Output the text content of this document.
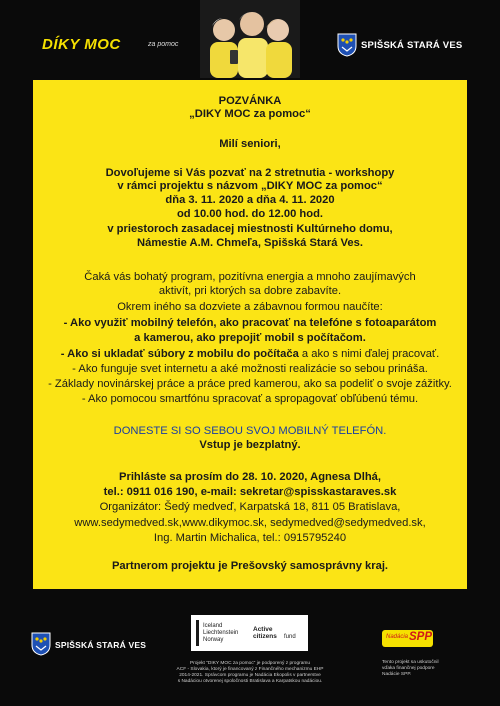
DÍKY MOC	za pomoc	SPIŠSKÁ STARÁ VES
POZVÁNKA
„DIKY MOC za pomoc“
Milí seniori,
Dovoľujeme si Vás pozvať na 2 stretnutia - workshopy
v rámci projektu s názvom „DIKY MOC za pomoc“
dňa 3. 11. 2020 a dňa 4. 11. 2020
od 10.00 hod. do 12.00 hod.
v priestoroch zasadacej miestnosti Kultúrneho domu,
Námestie A.M. Chmeľa, Spišská Stará Ves.
Čaká vás bohatý program, pozitívna energia a mnoho zaujímavých
aktivít, pri ktorých sa dobre zabavíte.
Okrem iného sa dozviete a zábavnou formou naučíte:
- Ako využiť mobilný telefón, ako pracovať na telefóne s fotoaparátom
a kamerou, ako prepojiť mobil s počítačom.
- Ako si ukladať súbory z mobilu do počítača a ako s nimi ďalej pracovať.
- Ako funguje svet internetu a aké možnosti realizácie so sebou prináša.
- Základy novinárskej práce a práce pred kamerou, ako sa podeliť o svoje zážitky.
- Ako pomocou smartfónu spracovať a spropagovať obľúbenú tému.
DONESTE SI SO SEBOU SVOJ MOBILNÝ TELEFÓN.
Vstup je bezplatný.
Prihláste sa prosím do 28. 10. 2020, Agnesa Dlhá,
tel.: 0911 016 190, e-mail: sekretar@spisskastaraves.sk
Organizátor: Šedý medveď, Karpatská 18, 811 05 Bratislava,
www.sedymedved.sk,www.dikymoc.sk, sedymedved@sedymedved.sk,
Ing. Martin Michalica, tel.: 0915795240
Partnerom projektu je Prešovský samosprávny kraj.
SPIŠSKÁ STARÁ VES
Iceland
Liechtenstein
Norway
Active
citizens fund
Projekt "DIKY MOC za pomoc" je podporený z programu
ACF - Slovakia, ktorý je financovaný z Finančného mechanizmu EHP
2014-2021. Správcom programu je Nadácia Ekopolis v partnerstve
s Nadáciou otvorenej spoločnosti Bratislava a Karpatskou nadáciou.
Nadácia SPP
Tento projekt sa uskutočnil
vďaka finančnej podpore
Nadácie SPP.
